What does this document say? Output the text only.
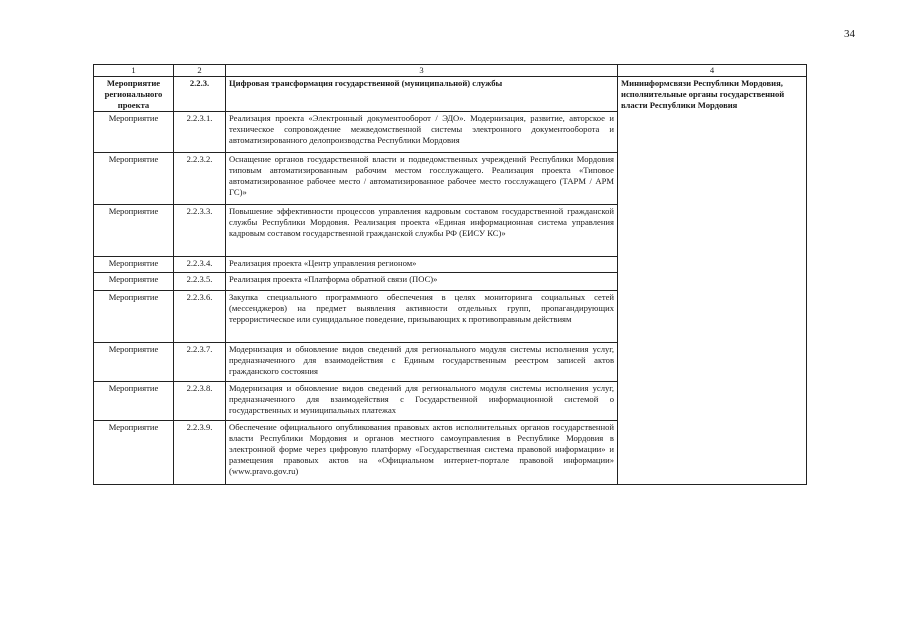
34
1	2	3	4
Мероприятие регионального проекта	2.2.3.	Цифровая трансформация государственной (муниципальной) службы	Мининформсвязи Республики Мордовия, исполнительные органы государственной власти Республики Мордовия
Мероприятие	2.2.3.1.	Реализация проекта «Электронный документооборот / ЭДО». Модернизация, развитие, авторское и техническое сопровождение межведомственной системы электронного документооборота и автоматизированного делопроизводства Республики Мордовия	
Мероприятие	2.2.3.2.	Оснащение органов государственной власти и подведомственных учреждений Республики Мордовия типовым автоматизированным рабочим местом госслужащего. Реализация проекта «Типовое автоматизированное рабочее место / автоматизированное рабочее место госслужащего (ТАРМ / АРМ ГС)»	
Мероприятие	2.2.3.3.	Повышение эффективности процессов управления кадровым составом государственной гражданской службы Республики Мордовия. Реализация проекта «Единая информационная система управления кадровым составом государственной гражданской службы РФ (ЕИСУ КС)»	
Мероприятие	2.2.3.4.	Реализация проекта «Центр управления регионом»	
Мероприятие	2.2.3.5.	Реализация проекта «Платформа обратной связи (ПОС)»	
Мероприятие	2.2.3.6.	Закупка специального программного обеспечения в целях мониторинга социальных сетей (мессенджеров) на предмет выявления активности отдельных групп, пропагандирующих террористическое или суицидальное поведение, призывающих к противоправным действиям	
Мероприятие	2.2.3.7.	Модернизация и обновление видов сведений для регионального модуля системы исполнения услуг, предназначенного для взаимодействия с Единым государственным реестром записей актов гражданского состояния	
Мероприятие	2.2.3.8.	Модернизация и обновление видов сведений для регионального модуля системы исполнения услуг, предназначенного для взаимодействия с Государственной информационной системой о государственных и муниципальных платежах	
Мероприятие	2.2.3.9.	Обеспечение официального опубликования правовых актов исполнительных органов государственной власти Республики Мордовия и органов местного самоуправления в Республике Мордовия в электронной форме через цифровую платформу «Государственная система правовой информации» и размещения правовых актов на «Официальном интернет-портале правовой информации» (www.pravo.gov.ru)	
